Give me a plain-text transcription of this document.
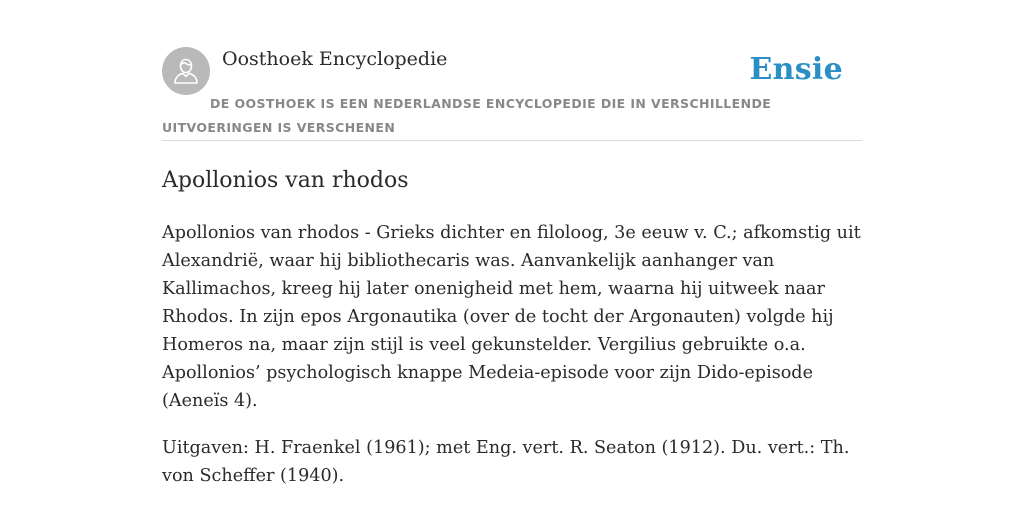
Oosthoek Encyclopedie	Ensie
DE OOSTHOEK IS EEN NEDERLANDSE ENCYCLOPEDIE DIE IN VERSCHILLENDE UITVOERINGEN IS VERSCHENEN
Apollonios van rhodos

Apollonios van rhodos - Grieks dichter en filoloog, 3e eeuw v. C.; afkomstig uit Alexandrië, waar hij bibliothecaris was. Aanvankelijk aanhanger van Kallimachos, kreeg hij later onenigheid met hem, waarna hij uitweek naar Rhodos. In zijn epos Argonautika (over de tocht der Argonauten) volgde hij Homeros na, maar zijn stijl is veel gekunstelder. Vergilius gebruikte o.a. Apollonios’ psychologisch knappe Medeia-episode voor zijn Dido-episode (Aeneïs 4).

Uitgaven: H. Fraenkel (1961); met Eng. vert. R. Seaton (1912). Du. vert.: Th. von Scheffer (1940).
